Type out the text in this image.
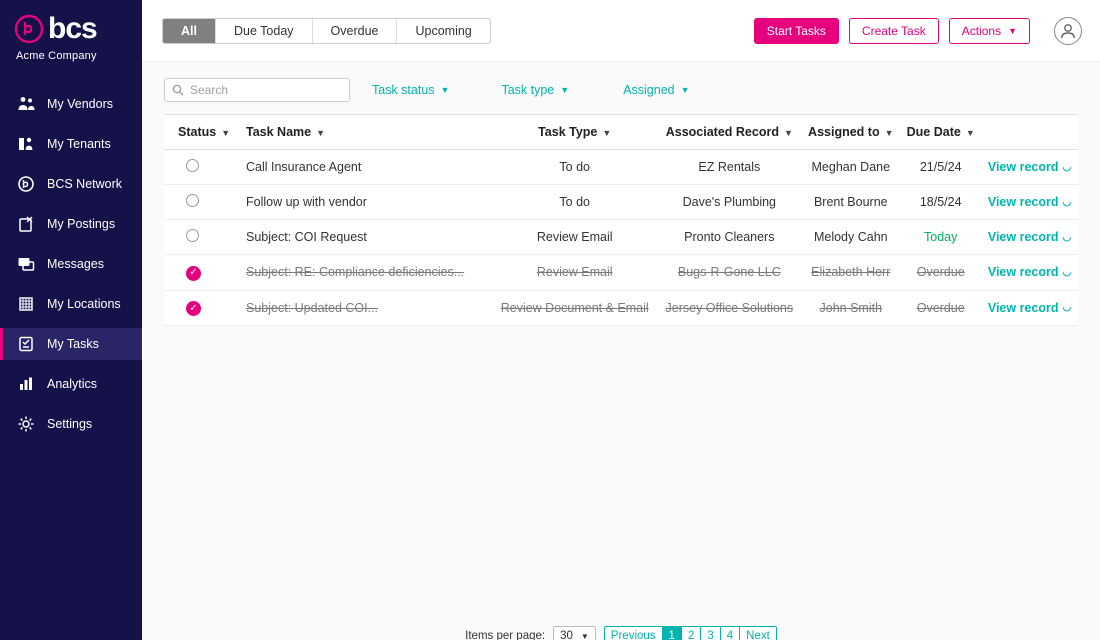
bcs
Acme Company
My Vendors
My Tenants
BCS Network
My Postings
Messages
My Locations
My Tasks
Analytics
Settings
All	Due Today	Overdue	Upcoming	Start Tasks	Create Task	Actions ▼
Search
Task status ▼	Task type ▼	Assigned ▼
Status ▼	Task Name ▼	Task Type ▼	Associated Record ▼	Assigned to ▼	Due Date ▼	
	Call Insurance Agent	To do	EZ Rentals	Meghan Dane	21/5/24	View record ◡

	Follow up with vendor	To do	Dave's Plumbing	Brent Bourne	18/5/24	View record ◡

	Subject: COI Request	Review Email	Pronto Cleaners	Melody Cahn	Today	View record ◡

✓	Subject: RE: Compliance deficiencies...	Review Email	Bugs-R-Gone LLC	Elizabeth Herr	Overdue	View record ◡

✓	Subject: Updated COI...	Review Document & Email	Jersey Office Solutions	John Smith	Overdue	View record ◡
Items per page: 30 ▼	Previous	1	2	3	4	Next
